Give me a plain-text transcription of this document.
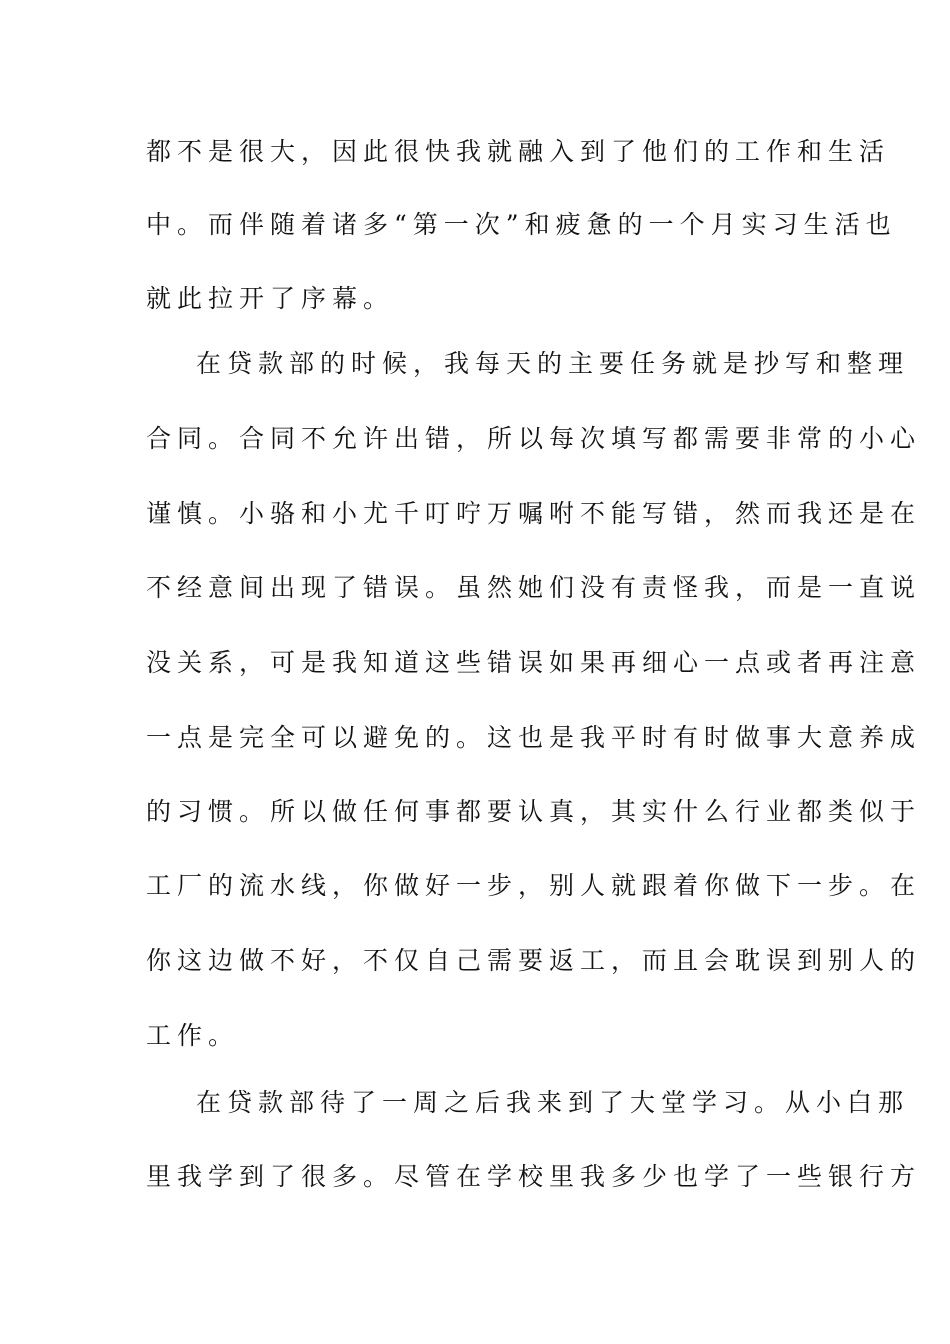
都不是很大，因此很快我就融入到了他们的工作和生活
中。而伴随着诸多“第一次”和疲惫的一个月实习生活也
就此拉开了序幕。
在贷款部的时候，我每天的主要任务就是抄写和整理
合同。合同不允许出错，所以每次填写都需要非常的小心
谨慎。小骆和小尤千叮咛万嘱咐不能写错，然而我还是在
不经意间出现了错误。虽然她们没有责怪我，而是一直说
没关系，可是我知道这些错误如果再细心一点或者再注意
一点是完全可以避免的。这也是我平时有时做事大意养成
的习惯。所以做任何事都要认真，其实什么行业都类似于
工厂的流水线，你做好一步，别人就跟着你做下一步。在
你这边做不好，不仅自己需要返工，而且会耽误到别人的
工作。
在贷款部待了一周之后我来到了大堂学习。从小白那
里我学到了很多。尽管在学校里我多少也学了一些银行方
